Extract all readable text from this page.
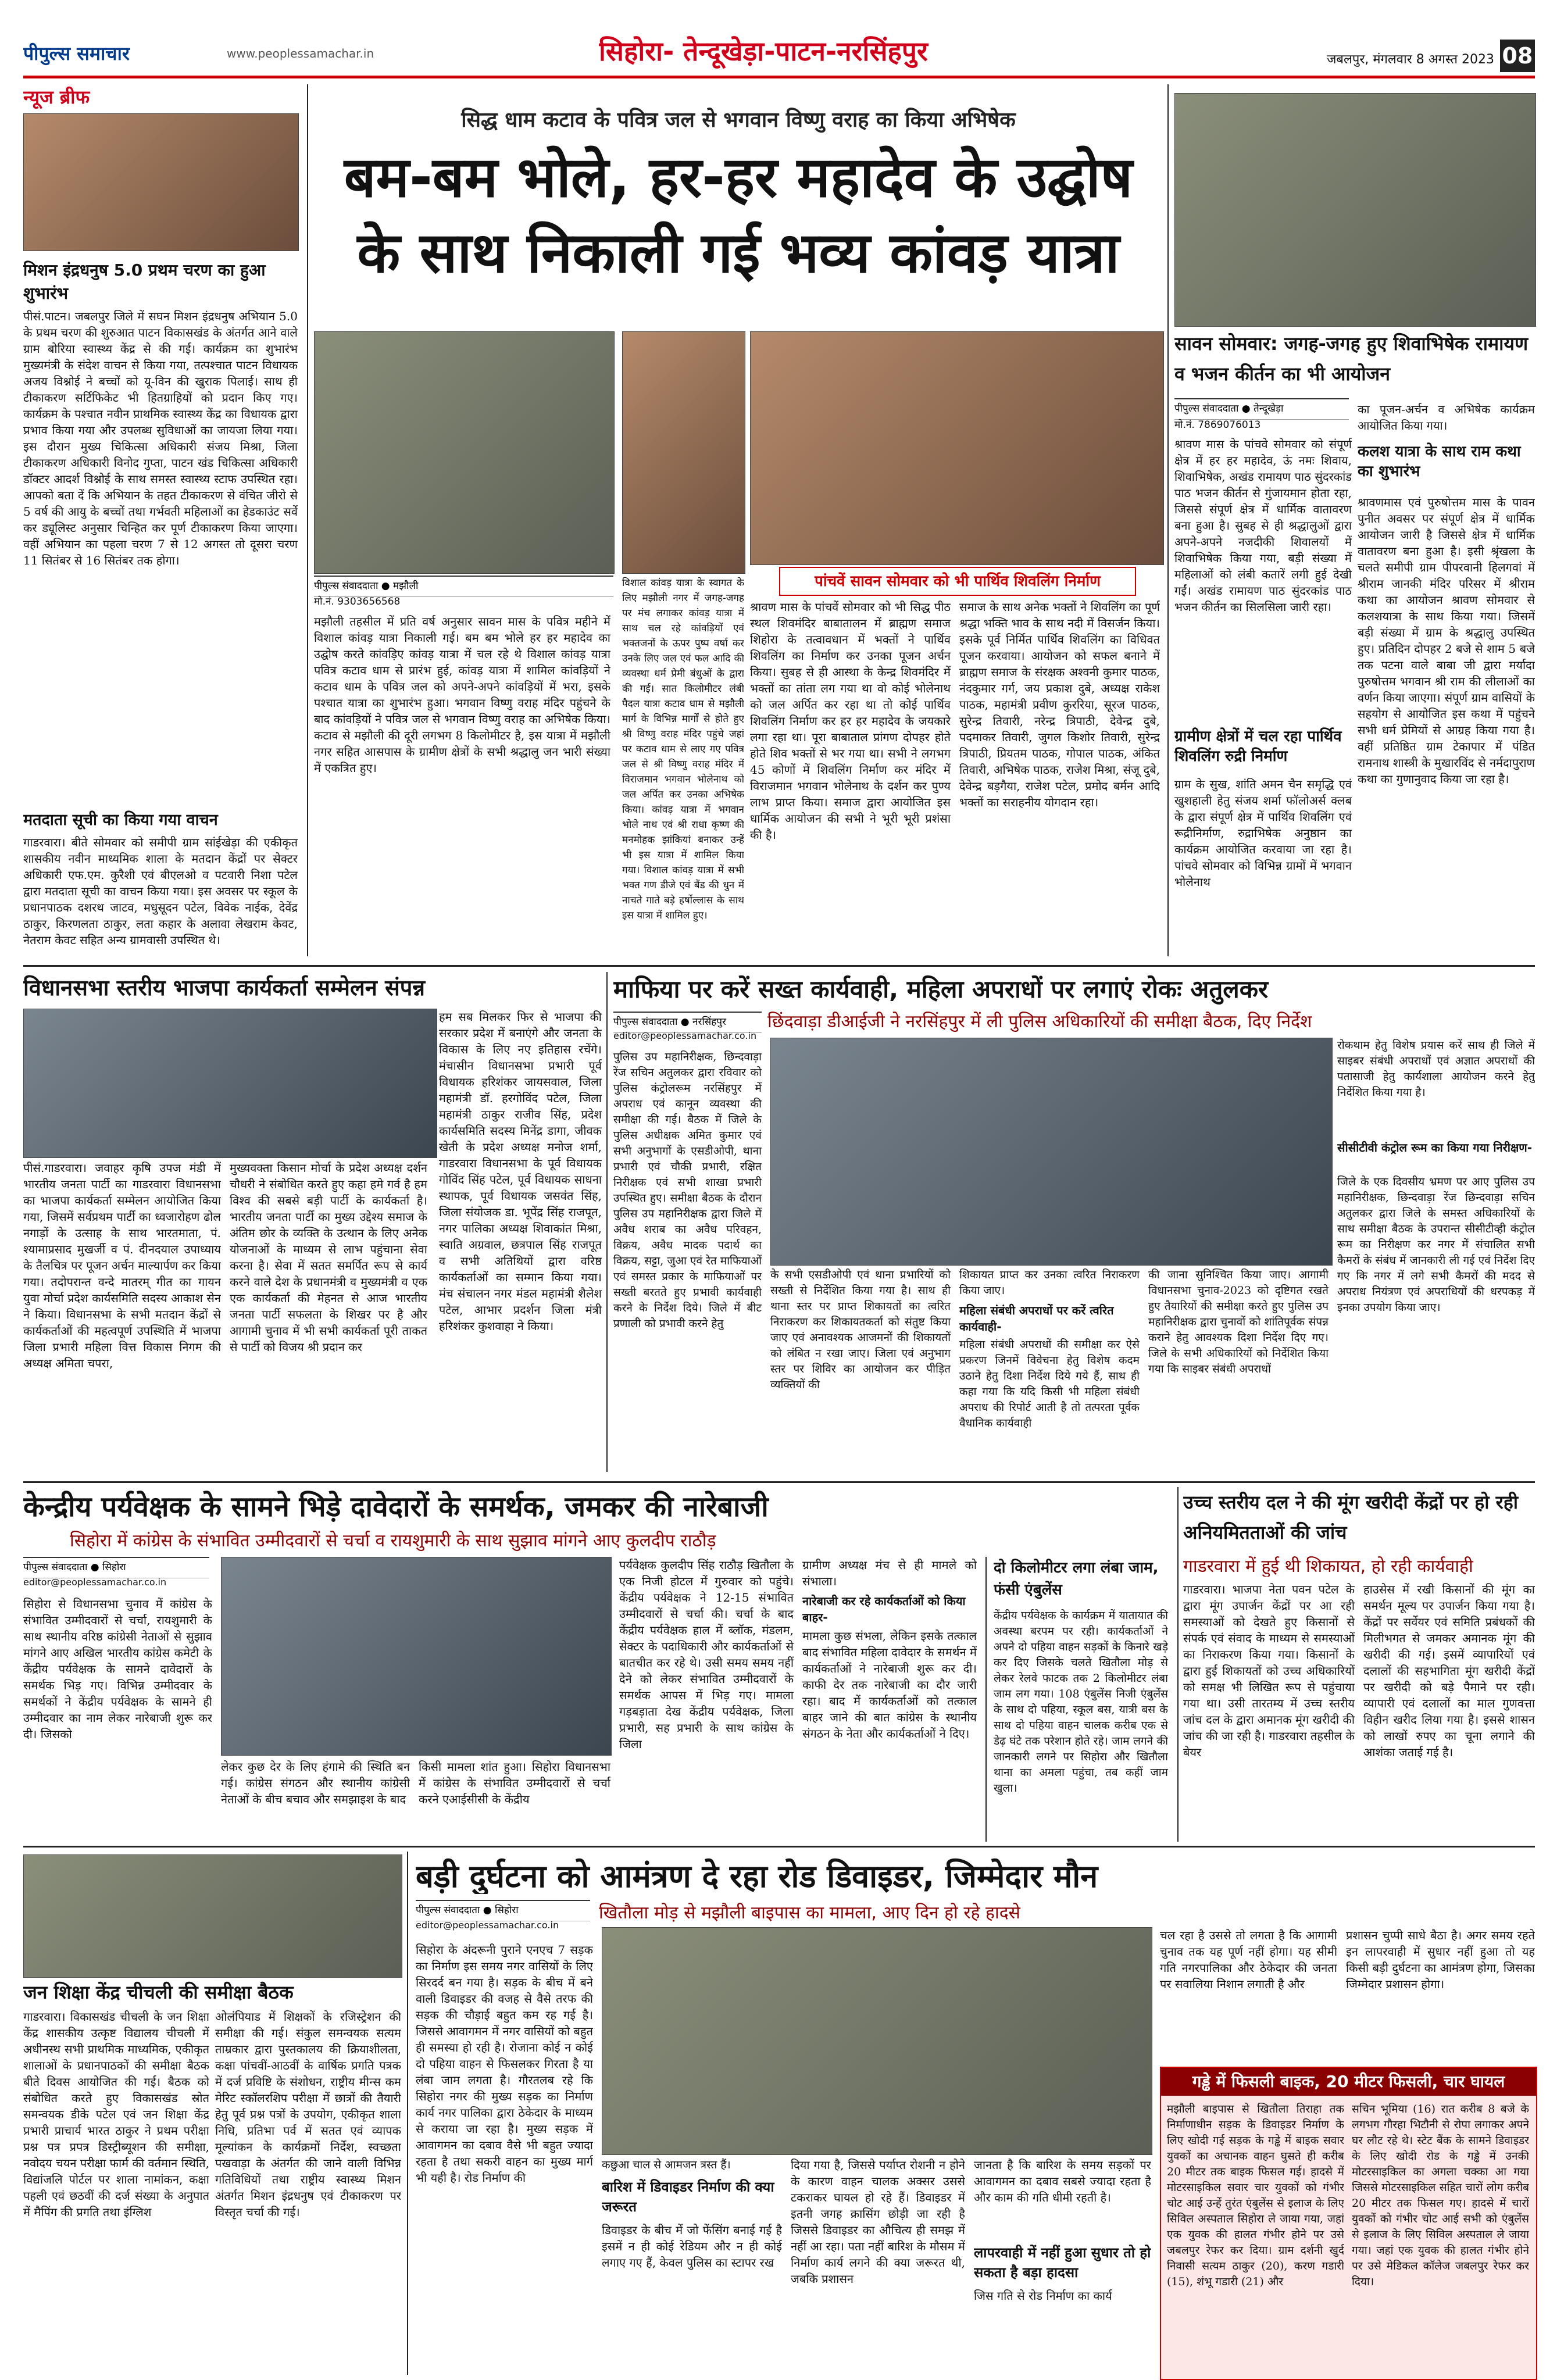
पीपुल्स समाचार	www.peoplessamachar.in	सिहोरा- तेन्दूखेड़ा-पाटन-नरसिंहपुर	जबलपुर, मंगलवार 8 अगस्त 2023 08
न्यूज ब्रीफ
मिशन इंद्रधनुष 5.0 प्रथम चरण का हुआ शुभारंभ
पीसं.पाटन। जबलपुर जिले में सघन मिशन इंद्रधनुष अभियान 5.0 के प्रथम चरण की शुरुआत पाटन विकासखंड के अंतर्गत आने वाले ग्राम बोरिया स्वास्थ्य केंद्र से की गई। कार्यक्रम का शुभारंभ मुख्यमंत्री के संदेश वाचन से किया गया, तत्पश्चात पाटन विधायक अजय विश्नोई ने बच्चों को यू-विन की खुराक पिलाई। साथ ही टीकाकरण सर्टिफिकेट भी हितग्राहियों को प्रदान किए गए। कार्यक्रम के पश्चात नवीन प्राथमिक स्वास्थ्य केंद्र का विधायक द्वारा प्रभाव किया गया और उपलब्ध सुविधाओं का जायजा लिया गया। इस दौरान मुख्य चिकित्सा अधिकारी संजय मिश्रा, जिला टीकाकरण अधिकारी विनोद गुप्ता, पाटन खंड चिकित्सा अधिकारी डॉक्टर आदर्श विश्नोई के साथ समस्त स्वास्थ्य स्टाफ उपस्थित रहा। आपको बता दें कि अभियान के तहत टीकाकरण से वंचित जीरो से 5 वर्ष की आयु के बच्चों तथा गर्भवती महिलाओं का हेडकाउंट सर्वे कर ड्यूलिस्ट अनुसार चिन्हित कर पूर्ण टीकाकरण किया जाएगा। वहीं अभियान का पहला चरण 7 से 12 अगस्त तो दूसरा चरण 11 सितंबर से 16 सितंबर तक होगा।
मतदाता सूची का किया गया वाचन
गाडरवारा। बीते सोमवार को समीपी ग्राम सांईखेड़ा की एकीकृत शासकीय नवीन माध्यमिक शाला के मतदान केंद्रों पर सेक्टर अधिकारी एफ.एम. कुरैशी एवं बीएलओ व पटवारी निशा पटेल द्वारा मतदाता सूची का वाचन किया गया। इस अवसर पर स्कूल के प्रधानपाठक दशरथ जाटव, मधुसूदन पटेल, विवेक नाईक, देवेंद्र ठाकुर, किरणलता ठाकुर, लता कहार के अलावा लेखराम केवट, नेतराम केवट सहित अन्य ग्रामवासी उपस्थित थे।
सिद्ध धाम कटाव के पवित्र जल से भगवान विष्णु वराह का किया अभिषेक
बम-बम भोले, हर-हर महादेव के उद्घोष के साथ निकाली गई भव्य कांवड़ यात्रा
पीपुल्स संवाददाता ● मझौली
मो.नं. 9303656568
मझौली तहसील में प्रति वर्ष अनुसार सावन मास के पवित्र महीने में विशाल कांवड़ यात्रा निकाली गई। बम बम भोले हर हर महादेव का उद्घोष करते कांवड़िए कांवड़ यात्रा में चल रहे थे विशाल कांवड़ यात्रा पवित्र कटाव धाम से प्रारंभ हुई, कांवड़ यात्रा में शामिल कांवड़ियों ने कटाव धाम के पवित्र जल को अपने-अपने कांवड़ियों में भरा, इसके पश्चात यात्रा का शुभारंभ हुआ। भगवान विष्णु वराह मंदिर पहुंचने के बाद कांवड़ियों ने पवित्र जल से भगवान विष्णु वराह का अभिषेक किया। कटाव से मझौली की दूरी लगभग 8 किलोमीटर है, इस यात्रा में मझौली नगर सहित आसपास के ग्रामीण क्षेत्रों के सभी श्रद्धालु जन भारी संख्या में एकत्रित हुए।
विशाल कांवड़ यात्रा के स्वागत के लिए मझौली नगर में जगह-जगह पर मंच लगाकर कांवड़ यात्रा में साथ चल रहे कांवड़ियों एवं भक्तजनों के ऊपर पुष्प वर्षा कर उनके लिए जल एवं फल आदि की व्यवस्था धर्म प्रेमी बंधुओं के द्वारा की गई। सात किलोमीटर लंबी पैदल यात्रा कटाव धाम से मझौली मार्ग के विभिन्न मार्गों से होते हुए श्री विष्णु वराह मंदिर पहुंचे जहां पर कटाव धाम से लाए गए पवित्र जल से श्री विष्णु वराह मंदिर में विराजमान भगवान भोलेनाथ को जल अर्पित कर उनका अभिषेक किया। कांवड़ यात्रा में भगवान भोले नाथ एवं श्री राधा कृष्ण की मनमोहक झांकियां बनाकर उन्हें भी इस यात्रा में शामिल किया गया। विशाल कांवड़ यात्रा में सभी भक्त गण डीजे एवं बैंड की धुन में नाचते गाते बड़े हर्षोल्लास के साथ इस यात्रा में शामिल हुए।
पांचवें सावन सोमवार को भी पार्थिव शिवलिंग निर्माण
श्रावण मास के पांचवें सोमवार को भी सिद्ध पीठ स्थल शिवमंदिर बाबातालन में ब्राह्मण समाज शिहोरा के तत्वावधान में भक्तों ने पार्थिव शिवलिंग का निर्माण कर उनका पूजन अर्चन किया। सुबह से ही आस्था के केन्द्र शिवमंदिर में भक्तों का तांता लग गया था वो कोई भोलेनाथ को जल अर्पित कर रहा था तो कोई पार्थिव शिवलिंग निर्माण कर हर हर महादेव के जयकारे लगा रहा था। पूरा बाबाताल प्रांगण दोपहर होते होते शिव भक्तों से भर गया था। सभी ने लगभग 45 कोणों में शिवलिंग निर्माण कर मंदिर में विराजमान भगवान भोलेनाथ के दर्शन कर पुण्य लाभ प्राप्त किया। समाज द्वारा आयोजित इस धार्मिक आयोजन की सभी ने भूरी भूरी प्रशंसा की है।
समाज के साथ अनेक भक्तों ने शिवलिंग का पूर्ण श्रद्धा भक्ति भाव के साथ नदी में विसर्जन किया। इसके पूर्व निर्मित पार्थिव शिवलिंग का विधिवत पूजन करवाया। आयोजन को सफल बनाने में ब्राह्मण समाज के संरक्षक अश्वनी कुमार पाठक, नंदकुमार गर्ग, जय प्रकाश दुबे, अध्यक्ष राकेश पाठक, महामंत्री प्रवीण कुररिया, सूरज पाठक, सुरेन्द्र तिवारी, नरेन्द्र त्रिपाठी, देवेन्द्र दुबे, पदमाकर तिवारी, जुगल किशोर तिवारी, सुरेन्द्र त्रिपाठी, प्रियतम पाठक, गोपाल पाठक, अंकित तिवारी, अभिषेक पाठक, राजेश मिश्रा, संजू दुबे, देवेन्द्र बड़गैया, राजेश पटेल, प्रमोद बर्मन आदि भक्तों का सराहनीय योगदान रहा।
सावन सोमवार: जगह-जगह हुए शिवाभिषेक रामायण व भजन कीर्तन का भी आयोजन
पीपुल्स संवाददाता ● तेन्दूखेड़ा
मो.नं. 7869076013
श्रावण मास के पांचवे सोमवार को संपूर्ण क्षेत्र में हर हर महादेव, ऊं नमः शिवाय, शिवाभिषेक, अखंड रामायण पाठ सुंदरकांड पाठ भजन कीर्तन से गुंजायमान होता रहा, जिससे संपूर्ण क्षेत्र में धार्मिक वातावरण बना हुआ है। सुबह से ही श्रद्धालुओं द्वारा अपने-अपने नजदीकी शिवालयों में शिवाभिषेक किया गया, बड़ी संख्या में महिलाओं को लंबी कतारें लगी हुई देखी गईं। अखंड रामायण पाठ सुंदरकांड पाठ भजन कीर्तन का सिलसिला जारी रहा।
ग्रामीण क्षेत्रों में चल रहा पार्थिव शिवलिंग रुद्री निर्माण
ग्राम के सुख, शांति अमन चैन समृद्धि एवं खुशहाली हेतु संजय शर्मा फॉलोअर्स क्लब के द्वारा संपूर्ण क्षेत्र में पार्थिव शिवलिंग एवं रूद्रीनिर्माण, रुद्राभिषेक अनुष्ठान का कार्यक्रम आयोजित करवाया जा रहा है। पांचवे सोमवार को विभिन्न ग्रामों में भगवान भोलेनाथ
का पूजन-अर्चन व अभिषेक कार्यक्रम आयोजित किया गया।
कलश यात्रा के साथ राम कथा का शुभारंभ
श्रावणमास एवं पुरुषोत्तम मास के पावन पुनीत अवसर पर संपूर्ण क्षेत्र में धार्मिक आयोजन जारी है जिससे क्षेत्र में धार्मिक वातावरण बना हुआ है। इसी श्रृंखला के चलते समीपी ग्राम पीपरवानी हिलगवां में श्रीराम जानकी मंदिर परिसर में श्रीराम कथा का आयोजन श्रावण सोमवार से कलशयात्रा के साथ किया गया। जिसमें बड़ी संख्या में ग्राम के श्रद्धालु उपस्थित हुए। प्रतिदिन दोपहर 2 बजे से शाम 5 बजे तक पटना वाले बाबा जी द्वारा मर्यादा पुरुषोत्तम भगवान श्री राम की लीलाओं का वर्णन किया जाएगा। संपूर्ण ग्राम वासियों के सहयोग से आयोजित इस कथा में पहुंचने सभी धर्म प्रेमियों से आग्रह किया गया है। वहीं प्रतिष्ठित ग्राम टेकापार में पंडित रामनाथ शास्त्री के मुखारविंद से नर्मदापुराण कथा का गुणानुवाद किया जा रहा है।
विधानसभा स्तरीय भाजपा कार्यकर्ता सम्मेलन संपन्न
पीसं.गाडरवारा। जवाहर कृषि उपज मंडी में भारतीय जनता पार्टी का गाडरवारा विधानसभा का भाजपा कार्यकर्ता सम्मेलन आयोजित किया गया, जिसमें सर्वप्रथम पार्टी का ध्वजारोहण ढोल नगाड़ों के उत्साह के साथ भारतमाता, पं. श्यामाप्रसाद मुखर्जी व पं. दीनदयाल उपाध्याय के तैलचित्र पर पूजन अर्चन माल्यार्पण कर किया गया। तदोपरान्त वन्दे मातरम् गीत का गायन युवा मोर्चा प्रदेश कार्यसमिति सदस्य आकाश सेन ने किया। विधानसभा के सभी मतदान केंद्रों से कार्यकर्ताओं की महत्वपूर्ण उपस्थिति में भाजपा जिला प्रभारी महिला वित्त विकास निगम की अध्यक्ष अमिता चपरा,
मुख्यवक्ता किसान मोर्चा के प्रदेश अध्यक्ष दर्शन चौधरी ने संबोधित करते हुए कहा हमे गर्व है हम विश्व की सबसे बड़ी पार्टी के कार्यकर्ता है। भारतीय जनता पार्टी का मुख्य उद्देश्य समाज के अंतिम छोर के व्यक्ति के उत्थान के लिए अनेक योजनाओं के माध्यम से लाभ पहुंचाना सेवा करना है। सेवा में सतत समर्पित रूप से कार्य करने वाले देश के प्रधानमंत्री व मुख्यमंत्री व एक एक कार्यकर्ता की मेहनत से आज भारतीय जनता पार्टी सफलता के शिखर पर है और आगामी चुनाव में भी सभी कार्यकर्ता पूरी ताकत से पार्टी को विजय श्री प्रदान कर
हम सब मिलकर फिर से भाजपा की सरकार प्रदेश में बनाएंगे और जनता के विकास के लिए नए इतिहास रचेंगे। मंचासीन विधानसभा प्रभारी पूर्व विधायक हरिशंकर जायसवाल, जिला महामंत्री डॉ. हरगोविंद पटेल, जिला महामंत्री ठाकुर राजीव सिंह, प्रदेश कार्यसमिति सदस्य मिनेंद्र डागा, जीवक खेती के प्रदेश अध्यक्ष मनोज शर्मा, गाडरवारा विधानसभा के पूर्व विधायक गोविंद सिंह पटेल, पूर्व विधायक साधना स्थापक, पूर्व विधायक जसवंत सिंह, जिला संयोजक डा. भूपेंद्र सिंह राजपूत, नगर पालिका अध्यक्ष शिवाकांत मिश्रा, स्वाति अग्रवाल, छत्रपाल सिंह राजपूत व सभी अतिथियों द्वारा वरिष्ठ कार्यकर्ताओं का सम्मान किया गया। मंच संचालन नगर मंडल महामंत्री शैलेश पटेल, आभार प्रदर्शन जिला मंत्री हरिशंकर कुशवाहा ने किया।
माफिया पर करें सख्त कार्यवाही, महिला अपराधों पर लगाएं रोकः अतुलकर
छिंदवाड़ा डीआईजी ने नरसिंहपुर में ली पुलिस अधिकारियों की समीक्षा बैठक, दिए निर्देश
पीपुल्स संवाददाता ● नरसिंहपुर
editor@peoplessamachar.co.in
पुलिस उप महानिरीक्षक, छिन्दवाड़ा रेंज सचिन अतुलकर द्वारा रविवार को पुलिस कंट्रोलरूम नरसिंहपुर में अपराध एवं कानून व्यवस्था की समीक्षा की गई। बैठक में जिले के पुलिस अधीक्षक अमित कुमार एवं सभी अनुभागों के एसडीओपी, थाना प्रभारी एवं चौकी प्रभारी, रक्षित निरीक्षक एवं सभी शाखा प्रभारी उपस्थित हुए। समीक्षा बैठक के दौरान पुलिस उप महानिरीक्षक द्वारा जिले में अवैध शराब का अवैध परिवहन, विक्रय, अवैध मादक पदार्थ का विक्रय, सट्टा, जुआ एवं रेत माफियाओं एवं समस्त प्रकार के माफियाओं पर सख्ती बरतते हुए प्रभावी कार्यवाही करने के निर्देश दिये। जिले में बीट प्रणाली को प्रभावी करने हेतु
के सभी एसडीओपी एवं थाना प्रभारियों को सख्ती से निर्देशित किया गया है। साथ ही थाना स्तर पर प्राप्त शिकायतों का त्वरित निराकरण कर शिकायतकर्ता को संतुष्ट किया जाए एवं अनावश्यक आजमनों की शिकायतों को लंबित न रखा जाए। जिला एवं अनुभाग स्तर पर शिविर का आयोजन कर पीड़ित व्यक्तियों की
शिकायत प्राप्त कर उनका त्वरित निराकरण किया जाए।
महिला संबंधी अपराधों पर करें त्वरित कार्यवाही-
महिला संबंधी अपराधों की समीक्षा कर ऐसे प्रकरण जिनमें विवेचना हेतु विशेष कदम उठाने हेतु दिशा निर्देश दिये गये हैं, साथ ही कहा गया कि यदि किसी भी महिला संबंधी अपराध की रिपोर्ट आती है तो तत्परता पूर्वक वैधानिक कार्यवाही
की जाना सुनिश्चित किया जाए। आगामी विधानसभा चुनाव-2023 को दृष्टिगत रखते हुए तैयारियों की समीक्षा करते हुए पुलिस उप महानिरीक्षक द्वारा चुनावों को शांतिपूर्वक संपन्न कराने हेतु आवश्यक दिशा निर्देश दिए गए। जिले के सभी अधिकारियों को निर्देशित किया गया कि साइबर संबंधी अपराधों
रोकथाम हेतु विशेष प्रयास करें साथ ही जिले में साइबर संबंधी अपराधों एवं अज्ञात अपराधों की पतासाजी हेतु कार्यशाला आयोजन करने हेतु निर्देशित किया गया है।
सीसीटीवी कंट्रोल रूम का किया गया निरीक्षण-
जिले के एक दिवसीय भ्रमण पर आए पुलिस उप महानिरीक्षक, छिन्दवाड़ा रेंज छिन्दवाड़ा सचिन अतुलकर द्वारा जिले के समस्त अधिकारियों के साथ समीक्षा बैठक के उपरान्त सीसीटीव्ही कंट्रोल रूम का निरीक्षण कर नगर में संचालित सभी कैमरों के संबंध में जानकारी ली गई एवं निर्देश दिए गए कि नगर में लगे सभी कैमरों की मदद से अपराध नियंत्रण एवं अपराधियों की धरपकड़ में इनका उपयोग किया जाए।
केन्द्रीय पर्यवेक्षक के सामने भिड़े दावेदारों के समर्थक, जमकर की नारेबाजी
सिहोरा में कांग्रेस के संभावित उम्मीदवारों से चर्चा व रायशुमारी के साथ सुझाव मांगने आए कुलदीप राठौड़
पीपुल्स संवाददाता ● सिहोरा
editor@peoplessamachar.co.in
सिहोरा से विधानसभा चुनाव में कांग्रेस के संभावित उम्मीदवारों से चर्चा, रायशुमारी के साथ स्थानीय वरिष्ठ कांग्रेसी नेताओं से सुझाव मांगने आए अखिल भारतीय कांग्रेस कमेटी के केंद्रीय पर्यवेक्षक के सामने दावेदारों के समर्थक भिड़ गए। विभिन्न उम्मीदवार के समर्थकों ने केंद्रीय पर्यवेक्षक के सामने ही उम्मीदवार का नाम लेकर नारेबाजी शुरू कर दी। जिसको
लेकर कुछ देर के लिए हंगामे की स्थिति बन गई। कांग्रेस संगठन और स्थानीय कांग्रेसी नेताओं के बीच बचाव और समझाइश के बाद
किसी मामला शांत हुआ। सिहोरा विधानसभा में कांग्रेस के संभावित उम्मीदवारों से चर्चा करने एआईसीसी के केंद्रीय
पर्यवेक्षक कुलदीप सिंह राठौड़ खितौला के एक निजी होटल में गुरुवार को पहुंचे। केंद्रीय पर्यवेक्षक ने 12-15 संभावित उम्मीदवारों से चर्चा की। चर्चा के बाद केंद्रीय पर्यवेक्षक हाल में ब्लॉक, मंडलम, सेक्टर के पदाधिकारी और कार्यकर्ताओं से बातचीत कर रहे थे। उसी समय समय नहीं देने को लेकर संभावित उम्मीदवारों के समर्थक आपस में भिड़ गए। मामला गड़बड़ाता देख केंद्रीय पर्यवेक्षक, जिला प्रभारी, सह प्रभारी के साथ कांग्रेस के जिला
ग्रामीण अध्यक्ष मंच से ही मामले को संभाला।
नारेबाजी कर रहे कार्यकर्ताओं को किया बाहर-
मामला कुछ संभला, लेकिन इसके तत्काल बाद संभावित महिला दावेदार के समर्थन में कार्यकर्ताओं ने नारेबाजी शुरू कर दी। काफी देर तक नारेबाजी का दौर जारी रहा। बाद में कार्यकर्ताओं को तत्काल बाहर जाने की बात कांग्रेस के स्थानीय संगठन के नेता और कार्यकर्ताओं ने दिए।
दो किलोमीटर लगा लंबा जाम, फंसी एंबुलेंस
केंद्रीय पर्यवेक्षक के कार्यक्रम में यातायात की अवस्था बरपम पर रही। कार्यकर्ताओं ने अपने दो पहिया वाहन सड़कों के किनारे खड़े कर दिए जिसके चलते खितौला मोड़ से लेकर रेलवे फाटक तक 2 किलोमीटर लंबा जाम लग गया। 108 एंबुलेंस निजी एंबुलेंस के साथ दो पहिया, स्कूल बस, यात्री बस के साथ दो पहिया वाहन चालक करीब एक से डेढ़ घंटे तक परेशान होते रहे। जाम लगने की जानकारी लगने पर सिहोरा और खितौला थाना का अमला पहुंचा, तब कहीं जाम खुला।
उच्च स्तरीय दल ने की मूंग खरीदी केंद्रों पर हो रही अनियमितताओं की जांच
गाडरवारा में हुई थी शिकायत, हो रही कार्यवाही
गाडरवारा। भाजपा नेता पवन पटेल के द्वारा मूंग उपार्जन केंद्रों पर आ रही समस्याओं को देखते हुए किसानों से संपर्क एवं संवाद के माध्यम से समस्याओं का निराकरण किया गया। किसानों के द्वारा हुई शिकायतों को उच्च अधिकारियों को समक्ष भी लिखित रूप से पहुंचाया गया था। उसी तारतम्य में उच्च स्तरीय जांच दल के द्वारा अमानक मूंग खरीदी की जांच की जा रही है। गाडरवारा तहसील के बेयर
हाउसेस में रखी किसानों की मूंग का समर्थन मूल्य पर उपार्जन किया गया है। केंद्रों पर सर्वेयर एवं समिति प्रबंधकों की मिलीभगत से जमकर अमानक मूंग की खरीदी की गई। इसमें व्यापारियों एवं दलालों की सहभागिता मूंग खरीदी केंद्रों पर खरीदी को बड़े पैमाने पर रही। व्यापारी एवं दलालों का माल गुणवत्ता विहीन खरीद लिया गया है। इससे शासन को लाखों रुपए का चूना लगाने की आशंका जताई गई है।
जन शिक्षा केंद्र चीचली की समीक्षा बैठक
गाडरवारा। विकासखंड चीचली के जन शिक्षा केंद्र शासकीय उत्कृष्ट विद्यालय चीचली में अधीनस्थ सभी प्राथमिक माध्यमिक, एकीकृत शालाओं के प्रधानपाठकों की समीक्षा बैठक बीते दिवस आयोजित की गई। बैठक को संबोधित करते हुए विकासखंड स्रोत समन्वयक डीके पटेल एवं जन शिक्षा केंद्र प्रभारी प्राचार्य भारत ठाकुर ने प्रथम परीक्षा प्रश्न पत्र प्रपत्र डिस्ट्रीब्यूशन की समीक्षा, नवोदय चयन परीक्षा फार्म की वर्तमान स्थिति, विद्यांजलि पोर्टल पर शाला नामांकन, कक्षा पहली एवं छठवीं की दर्ज संख्या के अनुपात में मैपिंग की प्रगति तथा इंग्लिश
ओलंपियाड में शिक्षकों के रजिस्ट्रेशन की समीक्षा की गई। संकुल समन्वयक सत्यम ताम्रकार द्वारा पुस्तकालय की क्रियाशीलता, कक्षा पांचवीं-आठवीं के वार्षिक प्रगति पत्रक में दर्ज प्रविष्टि के संशोधन, राष्ट्रीय मीन्स कम मेरिट स्कॉलरशिप परीक्षा में छात्रों की तैयारी हेतु पूर्व प्रश्न पत्रों के उपयोग, एकीकृत शाला निधि, प्रतिभा पर्व में सतत एवं व्यापक मूल्यांकन के कार्यक्रमों निर्देश, स्वच्छता पखवाड़ा के अंतर्गत की जाने वाली विभिन्न गतिविधियों तथा राष्ट्रीय स्वास्थ्य मिशन अंतर्गत मिशन इंद्रधनुष एवं टीकाकरण पर विस्तृत चर्चा की गई।
बड़ी दुर्घटना को आमंत्रण दे रहा रोड डिवाइडर, जिम्मेदार मौन
पीपुल्स संवाददाता ● सिहोरा
editor@peoplessamachar.co.in
खितौला मोड़ से मझौली बाइपास का मामला, आए दिन हो रहे हादसे
सिहोरा के अंदरूनी पुराने एनएच 7 सड़क का निर्माण इस समय नगर वासियों के लिए सिरदर्द बन गया है। सड़क के बीच में बने वाली डिवाइडर की वजह से वैसे तरफ की सड़क की चौड़ाई बहुत कम रह गई है। जिससे आवागमन में नगर वासियों को बहुत ही समस्या हो रही है। रोजाना कोई न कोई दो पहिया वाहन से फिसलकर गिरता है या लंबा जाम लगता है। गौरतलब रहे कि सिहोरा नगर की मुख्य सड़क का निर्माण कार्य नगर पालिका द्वारा ठेकेदार के माध्यम से कराया जा रहा है। मुख्य सड़क में आवागमन का दबाव वैसे भी बहुत ज्यादा रहता है तथा सकरी वाहन का मुख्य मार्ग भी यही है। रोड निर्माण की
कछुआ चाल से आमजन त्रस्त हैं।
बारिश में डिवाइडर निर्माण की क्या जरूरत
डिवाइडर के बीच में जो फेंसिंग बनाई गई है इसमें न ही कोई रेडियम और न ही कोई लगाए गए हैं, केवल पुलिस का स्टापर रख
दिया गया है, जिससे पर्याप्त रोशनी न होने के कारण वाहन चालक अक्सर उससे टकराकर घायल हो रहे हैं। डिवाइडर में इतनी जगह क्रासिंग छोड़ी जा रही है जिससे डिवाइडर का औचित्य ही समझ में नहीं आ रहा। पता नहीं बारिश के मौसम में निर्माण कार्य लगने की क्या जरूरत थी, जबकि प्रशासन
जानता है कि बारिश के समय सड़कों पर आवागमन का दबाव सबसे ज्यादा रहता है और काम की गति धीमी रहती है।
लापरवाही में नहीं हुआ सुधार तो हो सकता है बड़ा हादसा
जिस गति से रोड निर्माण का कार्य
चल रहा है उससे तो लगता है कि आगामी चुनाव तक यह पूर्ण नहीं होगा। यह सीमी गति नगरपालिका और ठेकेदार की जनता पर सवालिया निशान लगाती है और
प्रशासन चुप्पी साधे बैठा है। अगर समय रहते इन लापरवाही में सुधार नहीं हुआ तो यह किसी बड़ी दुर्घटना का आमंत्रण होगा, जिसका जिम्मेदार प्रशासन होगा।
गड्ढे में फिसली बाइक, 20 मीटर फिसली, चार घायल
मझौली बाइपास से खितौला तिराहा तक निर्माणाधीन सड़क के डिवाइडर निर्माण के लिए खोदी गई सड़क के गड्ढे में बाइक सवार युवकों का अचानक वाहन घुसते ही करीब 20 मीटर तक बाइक फिसल गई। हादसे में मोटरसाइकिल सवार चार युवकों को गंभीर चोट आई उन्हें तुरंत एंबुलेंस से इलाज के लिए सिविल अस्पताल सिहोरा ले जाया गया, जहां एक युवक की हालत गंभीर होने पर उसे जबलपुर रेफर कर दिया। ग्राम दर्शनी खुर्द निवासी सत्यम ठाकुर (20), करण गडारी (15), शंभू गडारी (21) और
सचिन भूमिया (16) रात करीब 8 बजे के लगभग गौरहा भिटौनी से रोपा लगाकर अपने घर लौट रहे थे। स्टेट बैंक के सामने डिवाइडर के लिए खोदी रोड के गड्ढे में उनकी मोटरसाइकिल का अगला चक्का आ गया जिससे मोटरसाइकिल सहित चारों लोग करीब 20 मीटर तक फिसल गए। हादसे में चारों युवकों को गंभीर चोट आई सभी को एंबुलेंस से इलाज के लिए सिविल अस्पताल ले जाया गया। जहां एक युवक की हालत गंभीर होने पर उसे मेडिकल कॉलेज जबलपुर रेफर कर दिया।
